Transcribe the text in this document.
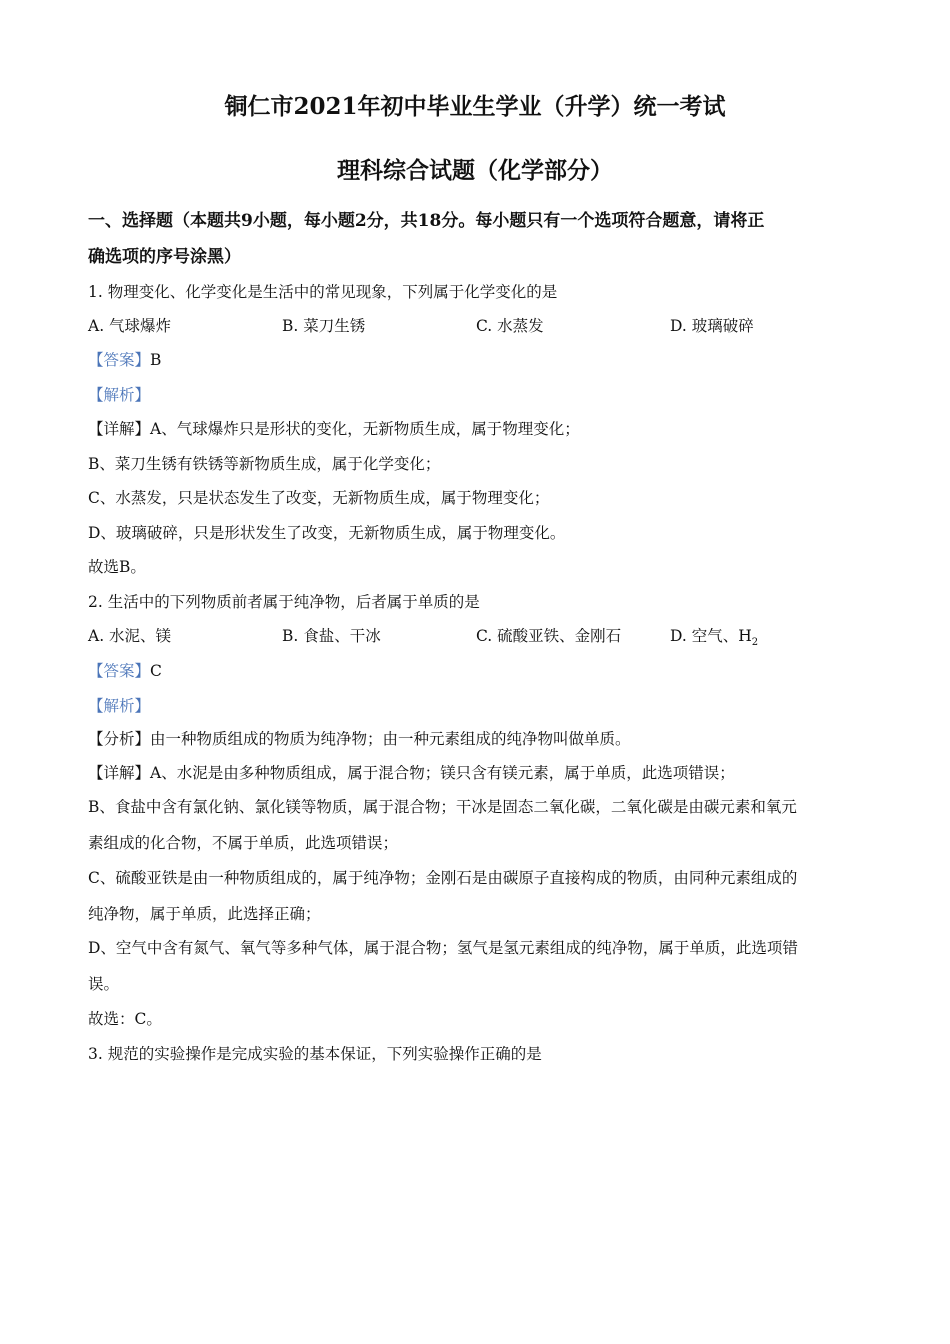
铜仁市2021年初中毕业生学业（升学）统一考试
理科综合试题（化学部分）
一、选择题（本题共9小题，每小题2分，共18分。每小题只有一个选项符合题意，请将正
确选项的序号涂黑）
1. 物理变化、化学变化是生活中的常见现象，下列属于化学变化的是
A. 气球爆炸	B. 菜刀生锈	C. 水蒸发	D. 玻璃破碎
【答案】B
【解析】
【详解】A、气球爆炸只是形状的变化，无新物质生成，属于物理变化；
B、菜刀生锈有铁锈等新物质生成，属于化学变化；
C、水蒸发，只是状态发生了改变，无新物质生成，属于物理变化；
D、玻璃破碎，只是形状发生了改变，无新物质生成，属于物理变化。
故选B。
2. 生活中的下列物质前者属于纯净物，后者属于单质的是
A. 水泥、镁	B. 食盐、干冰	C. 硫酸亚铁、金刚石	D. 空气、$H_2$
【答案】C
【解析】
【分析】由一种物质组成的物质为纯净物；由一种元素组成的纯净物叫做单质。
【详解】A、水泥是由多种物质组成，属于混合物；镁只含有镁元素，属于单质，此选项错误；
B、食盐中含有氯化钠、氯化镁等物质，属于混合物；干冰是固态二氧化碳，二氧化碳是由碳元素和氧元
素组成的化合物，不属于单质，此选项错误；
C、硫酸亚铁是由一种物质组成的，属于纯净物；金刚石是由碳原子直接构成的物质，由同种元素组成的
纯净物，属于单质，此选择正确；
D、空气中含有氮气、氧气等多种气体，属于混合物；氢气是氢元素组成的纯净物，属于单质，此选项错
误。
故选：C。
3. 规范的实验操作是完成实验的基本保证，下列实验操作正确的是
